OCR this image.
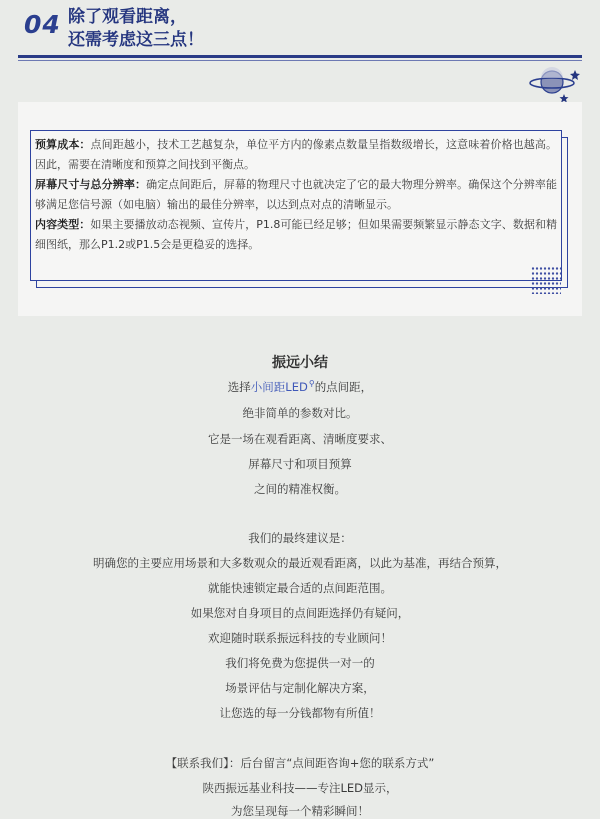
04 除了观看距离，
还需考虑这三点！

预算成本：点间距越小，技术工艺越复杂，单位平方内的像素点数量呈指数级增长，这意味着价格也越高。因此，需要在清晰度和预算之间找到平衡点。

屏幕尺寸与总分辨率：确定点间距后，屏幕的物理尺寸也就决定了它的最大物理分辨率。确保这个分辨率能够满足您信号源（如电脑）输出的最佳分辨率，以达到点对点的清晰显示。

内容类型：如果主要播放动态视频、宣传片，P1.8可能已经足够；但如果需要频繁显示静态文字、数据和精细图纸，那么P1.2或P1.5会是更稳妥的选择。

振远小结
选择小间距LED⚲的点间距，
绝非简单的参数对比。
它是一场在观看距离、清晰度要求、
屏幕尺寸和项目预算
之间的精准权衡。
我们的最终建议是：
明确您的主要应用场景和大多数观众的最近观看距离，以此为基准，再结合预算，
就能快速锁定最合适的点间距范围。
如果您对自身项目的点间距选择仍有疑问，
欢迎随时联系振远科技的专业顾问！
我们将免费为您提供一对一的
场景评估与定制化解决方案，
让您选的每一分钱都物有所值！
【联系我们】：后台留言“点间距咨询+您的联系方式”
陕西振远基业科技——专注LED显示，
为您呈现每一个精彩瞬间！
